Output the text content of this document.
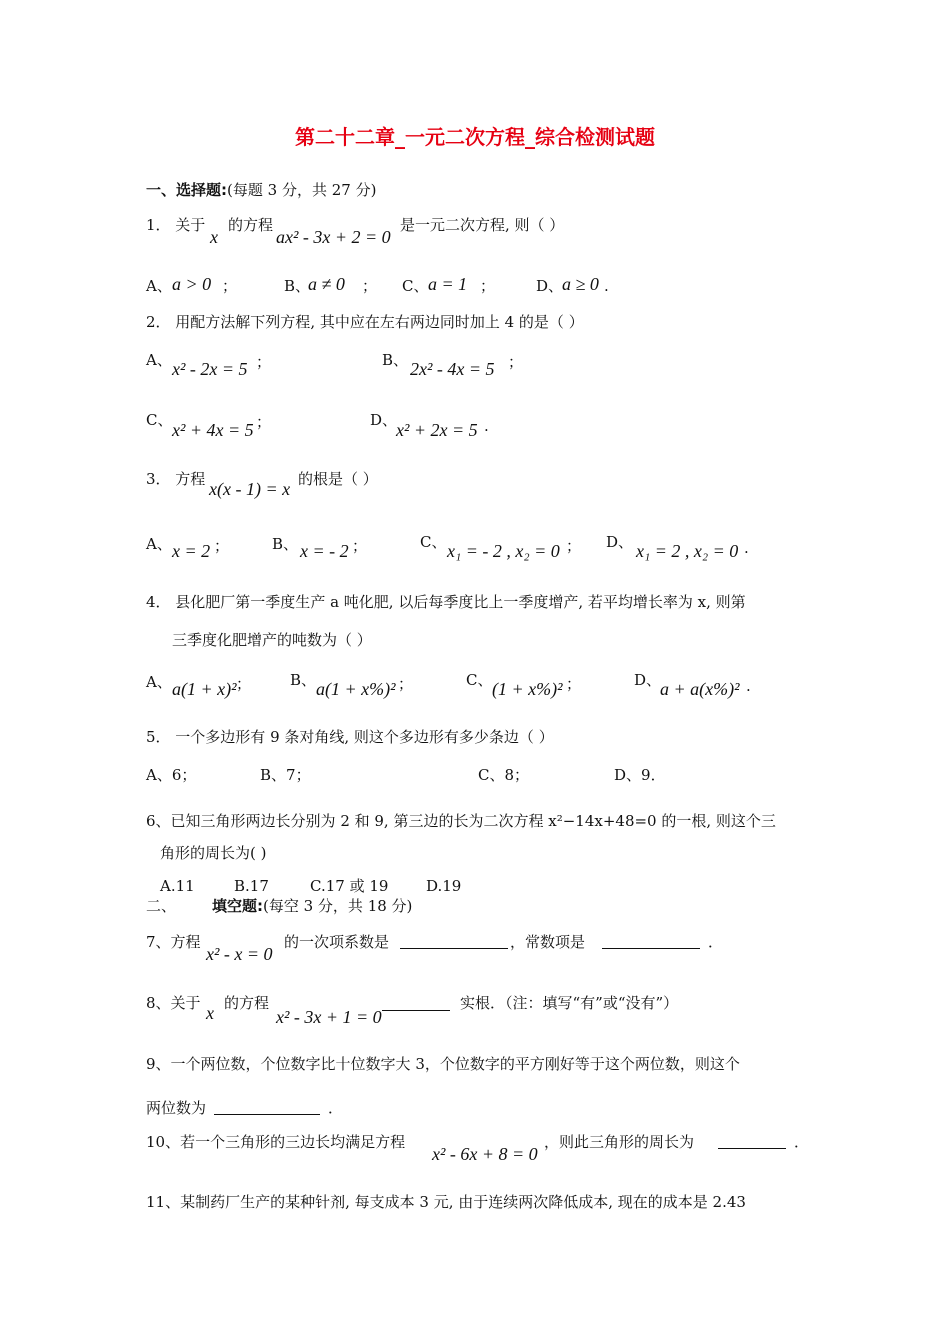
第二十二章_一元二次方程_综合检测试题
一、选择题:(每题 3 分，共 27 分)
1． 关于
x
的方程
ax² - 3x + 2 = 0
是一元二次方程, 则（ ）
A、 a > 0 ；	B、
a ≠ 0 ； C、 a = 1 ；	D、
a ≥ 0 .
2． 用配方法解下列方程, 其中应在左右两边同时加上 4 的是（ ）
A、 x² - 2x = 5 ；	B、 2x² - 4x = 5 ；
C、 x² + 4x = 5 ；	D、
x² + 2x = 5 .
3． 方程 x(x - 1) = x 的根是（ ）
A、 x = 2 ；	B、 x = - 2 ；	C、 x₁ = - 2 , x₂ = 0 ； D、 x₁ = 2 , x₂ = 0 .
4． 县化肥厂第一季度生产 a 吨化肥, 以后每季度比上一季度增产, 若平均增长率为 x, 则第
三季度化肥增产的吨数为（ ）
A、 a(1 + x)² ；	B、 a(1 + x%)² ；	C、 (1 + x%)² ；	D、
a + a(x%)² .
5． 一个多边形有 9 条对角线, 则这个多边形有多少条边（ ）
A、6；	B、7；	C、8；	D、9．
6、已知三角形两边长分别为 2 和 9, 第三边的长为二次方程 x²−14x+48=0 的一根, 则这个三
角形的周长为( )
A.11	B.17	C.17 或 19	D.19
二、 填空题:(每空 3 分，共 18 分)
7、方程
x² - x = 0
的一次项系数是	，常数项是	．
8、关于 x 的方程
x² - 3x + 1 = 0
实根．（注：填写“有”或“没有”）
9、一个两位数，个位数字比十位数字大 3，个位数字的平方刚好等于这个两位数，则这个
两位数为	．
10、若一个三角形的三边长均满足方程
x² - 6x + 8 = 0
，则此三角形的周长为	．
11、某制药厂生产的某种针剂, 每支成本 3 元, 由于连续两次降低成本, 现在的成本是 2.43
